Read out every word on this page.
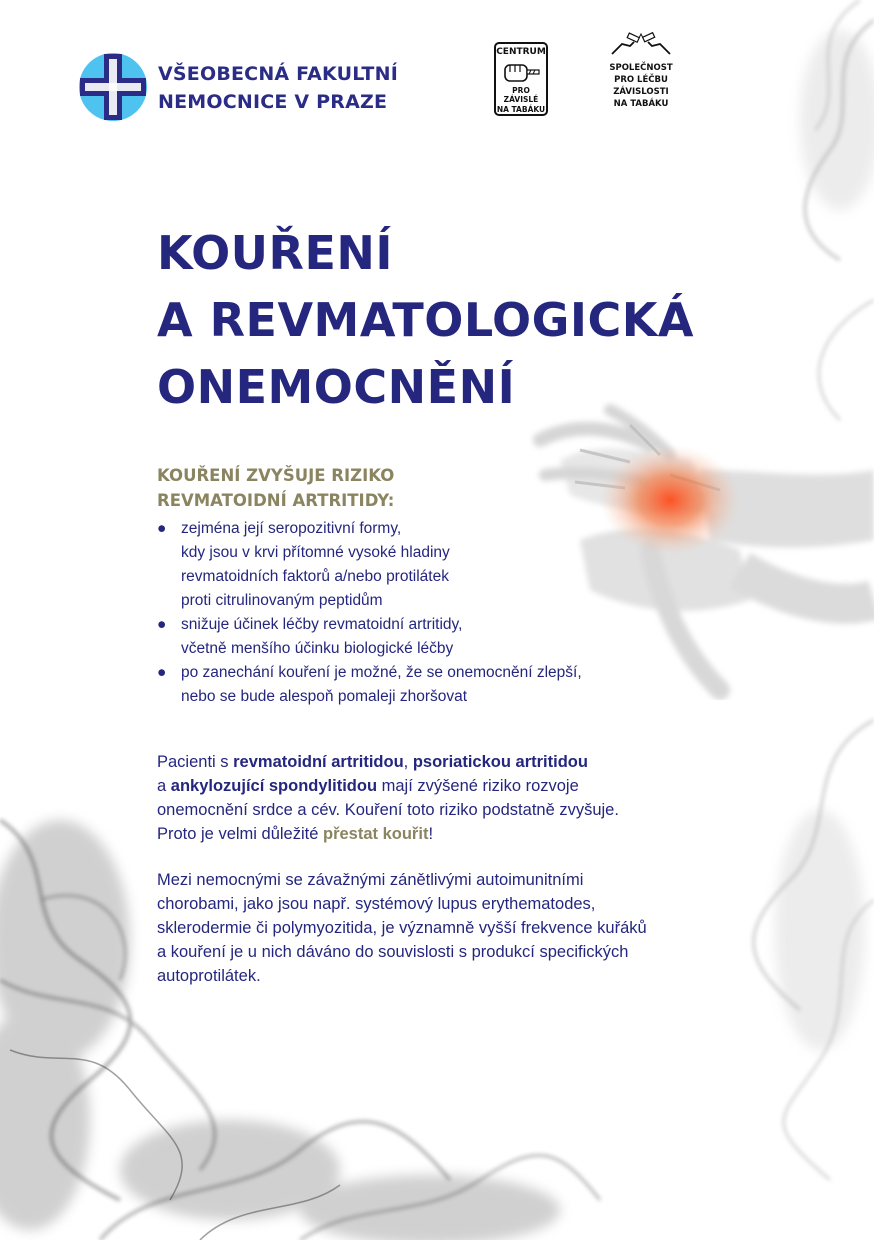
VŠEOBECNÁ FAKULTNÍ
NEMOCNICE V PRAZE
CENTRUM
PRO ZÁVISLÉ
NA TABÁKU
SPOLEČNOST
PRO LÉČBU
ZÁVISLOSTI
NA TABÁKU
KOUŘENÍ
A REVMATOLOGICKÁ
ONEMOCNĚNÍ
KOUŘENÍ ZVYŠUJE RIZIKO
REVMATOIDNÍ ARTRITIDY:
● zejména její seropozitivní formy,
kdy jsou v krvi přítomné vysoké hladiny
revmatoidních faktorů a/nebo protilátek
proti citrulinovaným peptidům
● snižuje účinek léčby revmatoidní artritidy,
včetně menšího účinku biologické léčby
● po zanechání kouření je možné, že se onemocnění zlepší,
nebo se bude alespoň pomaleji zhoršovat
Pacienti s revmatoidní artritidou, psoriatickou artritidou
a ankylozující spondylitidou mají zvýšené riziko rozvoje
onemocnění srdce a cév. Kouření toto riziko podstatně zvyšuje.
Proto je velmi důležité přestat kouřit!
Mezi nemocnými se závažnými zánětlivými autoimunitními
chorobami, jako jsou např. systémový lupus erythematodes,
sklerodermie či polymyozitida, je významně vyšší frekvence kuřáků
a kouření je u nich dáváno do souvislosti s produkcí specifických
autoprotilátek.
